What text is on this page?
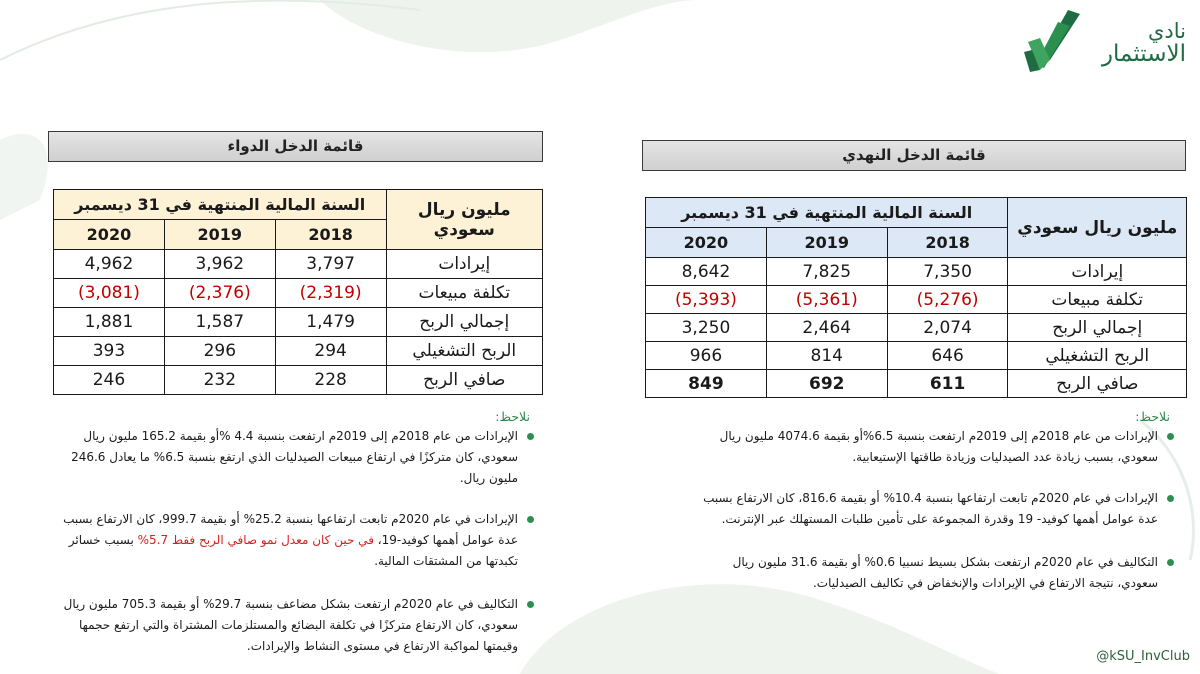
نادي
الاستثمار
قائمة الدخل الدواء
مليون ريال سعودي	السنة المالية المنتهية في 31 ديسمبر		
	2018	2019	2020
إيرادات	3,797	3,962	4,962
تكلفة مبيعات	(2,319)	(2,376)	(3,081)
إجمالي الربح	1,479	1,587	1,881
الربح التشغيلي	294	296	393
صافي الربح	228	232	246
نلاحظ:
الإيرادات من عام 2018م إلى 2019م ارتفعت بنسبة 4.4 %أو بقيمة 165.2 مليون ريال سعودي، كان متركزًا في ارتفاع مبيعات الصيدليات الذي ارتفع بنسبة 6.5% ما يعادل 246.6 مليون ريال.
الإيرادات في عام 2020م تابعت ارتفاعها بنسبة 25.2% أو بقيمة 999.7، كان الارتفاع بسبب عدة عوامل أهمها كوفيد-19، في حين كان معدل نمو صافي الربح فقط 5.7% بسبب خسائر تكبدتها من المشتقات المالية.
التكاليف في عام 2020م ارتفعت بشكل مضاعف بنسبة 29.7% أو بقيمة 705.3 مليون ريال سعودي، كان الارتفاع متركزًا في تكلفة البضائع والمستلزمات المشتراة والتي ارتفع حجمها وقيمتها لمواكبة الارتفاع في مستوى النشاط والإيرادات.
قائمة الدخل النهدي
مليون ريال سعودي	السنة المالية المنتهية في 31 ديسمبر		
	2018	2019	2020
إيرادات	7,350	7,825	8,642
تكلفة مبيعات	(5,276)	(5,361)	(5,393)
إجمالي الربح	2,074	2,464	3,250
الربح التشغيلي	646	814	966
صافي الربح	611	692	849
نلاحظ:
الإيرادات من عام 2018م إلى 2019م ارتفعت بنسبة 6.5%أو بقيمة 4074.6 مليون ريال سعودي، بسبب زيادة عدد الصيدليات وزيادة طاقتها الإستيعابية.
الإيرادات في عام 2020م تابعت ارتفاعها بنسبة 10.4% أو بقيمة 816.6، كان الارتفاع بسبب عدة عوامل أهمها كوفيد- 19 وقدرة المجموعة على تأمين طلبات المستهلك عبر الإنترنت.
التكاليف في عام 2020م ارتفعت بشكل بسيط نسبيا 0.6% أو بقيمة 31.6 مليون ريال سعودي، نتيجة الارتفاع في الإيرادات والإنخفاض في تكاليف الصيدليات.
@kSU_InvClub
